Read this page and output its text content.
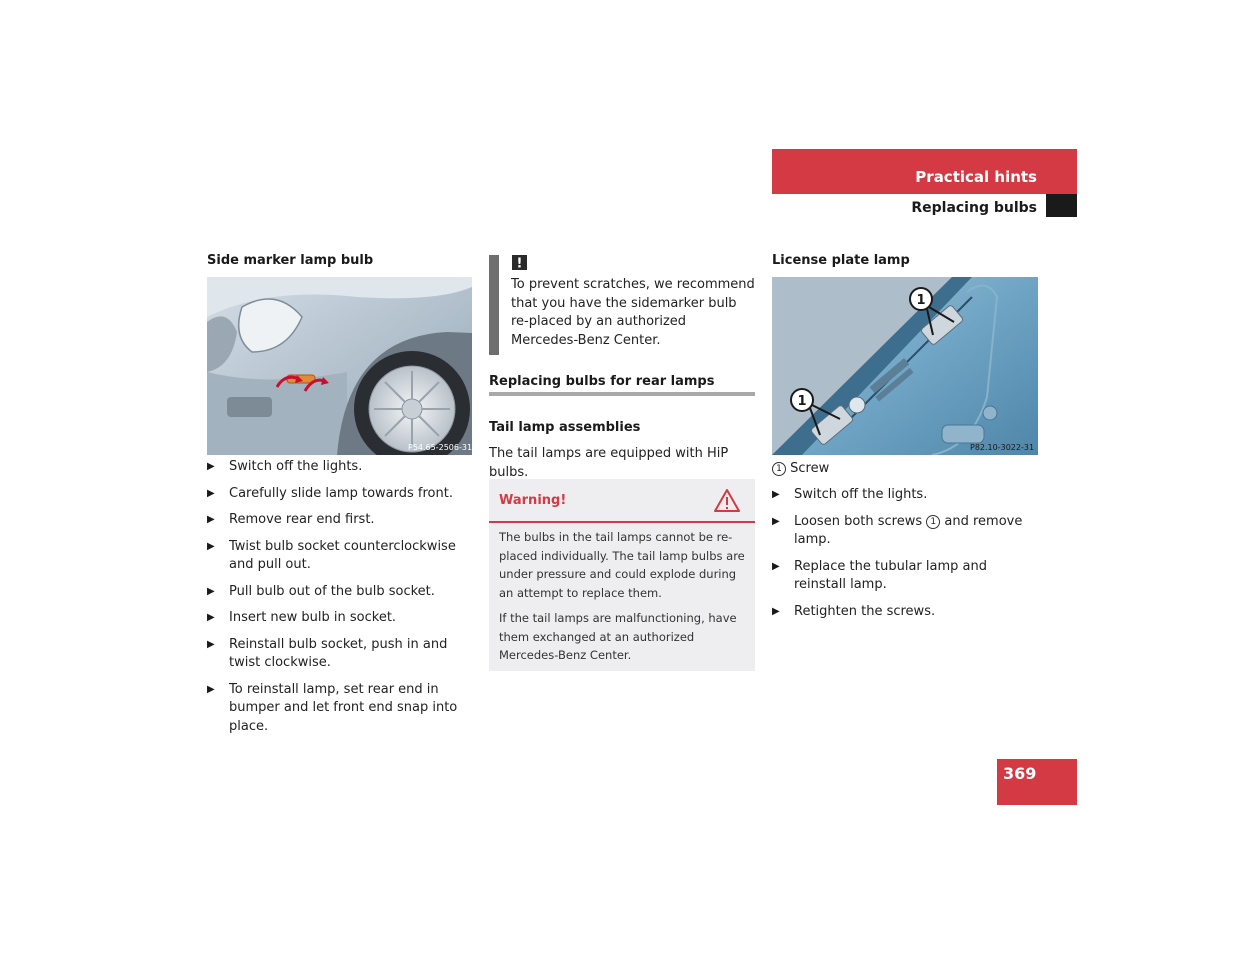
Practical hints
Replacing bulbs
Side marker lamp bulb
P54.65-2506-31
▶ Switch off the lights.
▶ Carefully slide lamp towards front.
▶ Remove rear end first.
▶ Twist bulb socket counterclockwise and pull out.
▶ Pull bulb out of the bulb socket.
▶ Insert new bulb in socket.
▶ Reinstall bulb socket, push in and twist clockwise.
▶ To reinstall lamp, set rear end in bumper and let front end snap into place.
!
To prevent scratches, we recommend that you have the sidemarker bulb re-placed by an authorized Mercedes-Benz Center.
Replacing bulbs for rear lamps
Tail lamp assemblies
The tail lamps are equipped with HiP bulbs.
Warning!
The bulbs in the tail lamps cannot be re-placed individually. The tail lamp bulbs are under pressure and could explode during an attempt to replace them.
If the tail lamps are malfunctioning, have them exchanged at an authorized Mercedes-Benz Center.
License plate lamp
1
1
P82.10-3022-31
1 Screw
▶ Switch off the lights.
▶ Loosen both screws 1 and remove lamp.
▶ Replace the tubular lamp and reinstall lamp.
▶ Retighten the screws.
369
